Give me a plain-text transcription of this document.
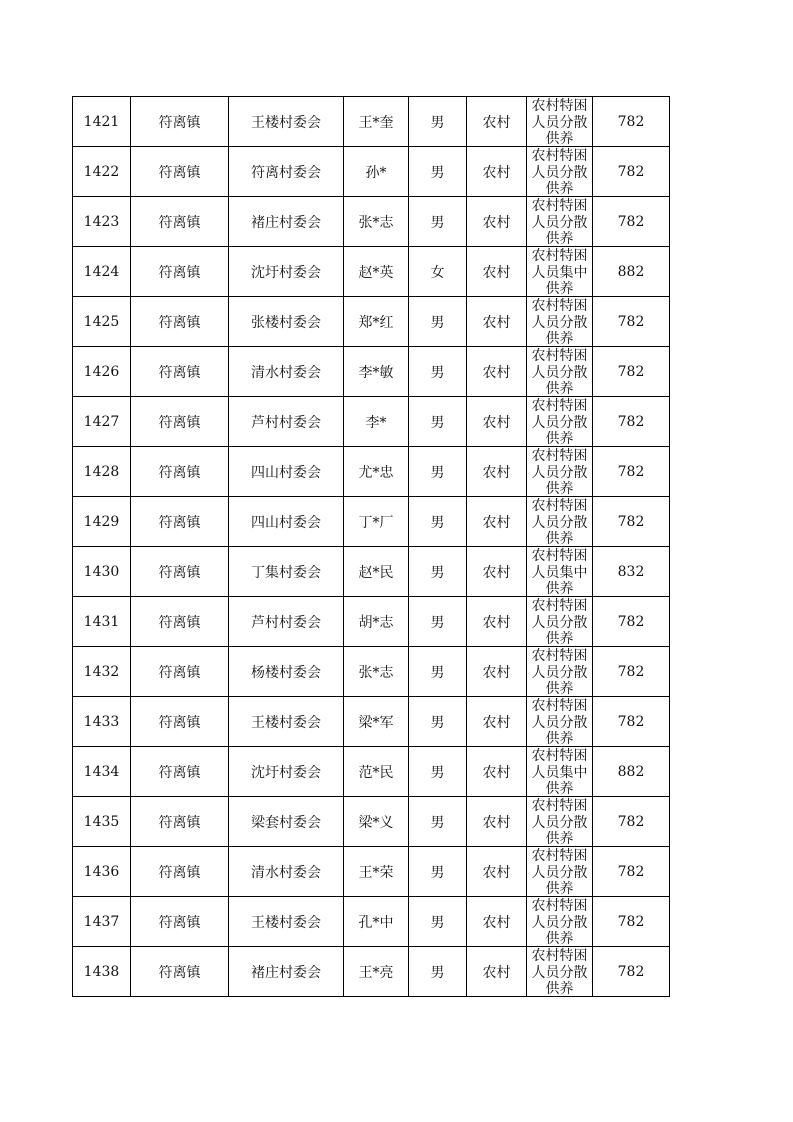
1421	符离镇	王楼村委会	王*奎	男	农村	农村特困人员分散供养	782
1422	符离镇	符离村委会	孙*	男	农村	农村特困人员分散供养	782
1423	符离镇	褚庄村委会	张*志	男	农村	农村特困人员分散供养	782
1424	符离镇	沈圩村委会	赵*英	女	农村	农村特困人员集中供养	882
1425	符离镇	张楼村委会	郑*红	男	农村	农村特困人员分散供养	782
1426	符离镇	清水村委会	李*敏	男	农村	农村特困人员分散供养	782
1427	符离镇	芦村村委会	李*	男	农村	农村特困人员分散供养	782
1428	符离镇	四山村委会	尤*忠	男	农村	农村特困人员分散供养	782
1429	符离镇	四山村委会	丁*厂	男	农村	农村特困人员分散供养	782
1430	符离镇	丁集村委会	赵*民	男	农村	农村特困人员集中供养	832
1431	符离镇	芦村村委会	胡*志	男	农村	农村特困人员分散供养	782
1432	符离镇	杨楼村委会	张*志	男	农村	农村特困人员分散供养	782
1433	符离镇	王楼村委会	梁*军	男	农村	农村特困人员分散供养	782
1434	符离镇	沈圩村委会	范*民	男	农村	农村特困人员集中供养	882
1435	符离镇	梁套村委会	梁*义	男	农村	农村特困人员分散供养	782
1436	符离镇	清水村委会	王*荣	男	农村	农村特困人员分散供养	782
1437	符离镇	王楼村委会	孔*中	男	农村	农村特困人员分散供养	782
1438	符离镇	褚庄村委会	王*亮	男	农村	农村特困人员分散供养	782
